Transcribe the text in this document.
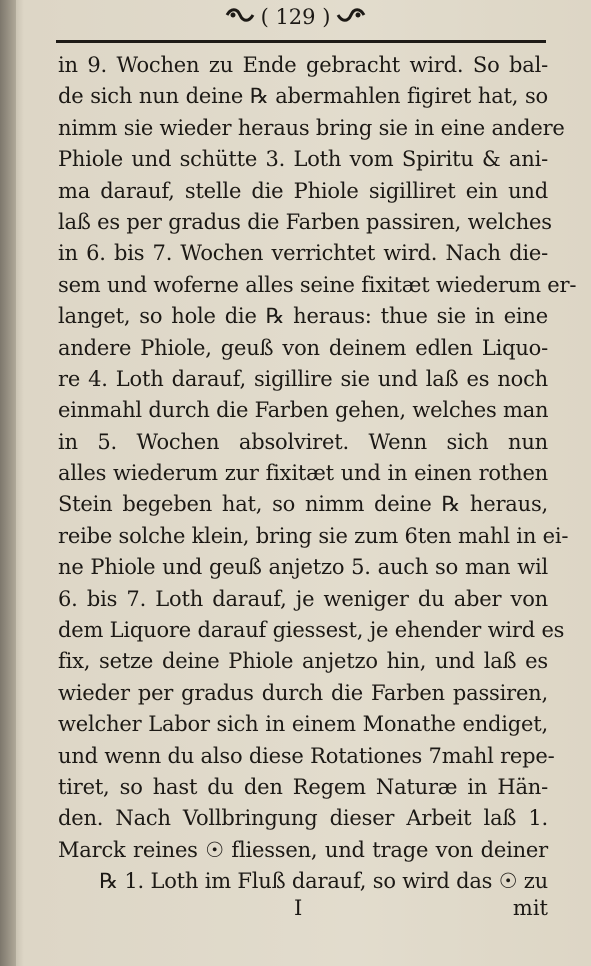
( 129 )
in 9. Wochen zu Ende gebracht wird. So bal-
de sich nun deine ℞ abermahlen figiret hat, so
nimm sie wieder heraus bring sie in eine andere
Phiole und schütte 3. Loth vom Spiritu & ani-
ma darauf, stelle die Phiole sigilliret ein und
laß es per gradus die Farben passiren, welches
in 6. bis 7. Wochen verrichtet wird. Nach die-
sem und woferne alles seine fixitæt wiederum er-
langet, so hole die ℞ heraus: thue sie in eine
andere Phiole, geuß von deinem edlen Liquo-
re 4. Loth darauf, sigillire sie und laß es noch
einmahl durch die Farben gehen, welches man
in 5. Wochen absolviret. Wenn sich nun
alles wiederum zur fixitæt und in einen rothen
Stein begeben hat, so nimm deine ℞ heraus,
reibe solche klein, bring sie zum 6ten mahl in ei-
ne Phiole und geuß anjetzo 5. auch so man wil
6. bis 7. Loth darauf, je weniger du aber von
dem Liquore darauf giessest, je ehender wird es
fix, setze deine Phiole anjetzo hin, und laß es
wieder per gradus durch die Farben passiren,
welcher Labor sich in einem Monathe endiget,
und wenn du also diese Rotationes 7mahl repe-
tiret, so hast du den Regem Naturæ in Hän-
den. Nach Vollbringung dieser Arbeit laß 1.
Marck reines ☉ fliessen, und trage von deiner
℞ 1. Loth im Fluß darauf, so wird das ☉ zu
I	mit
